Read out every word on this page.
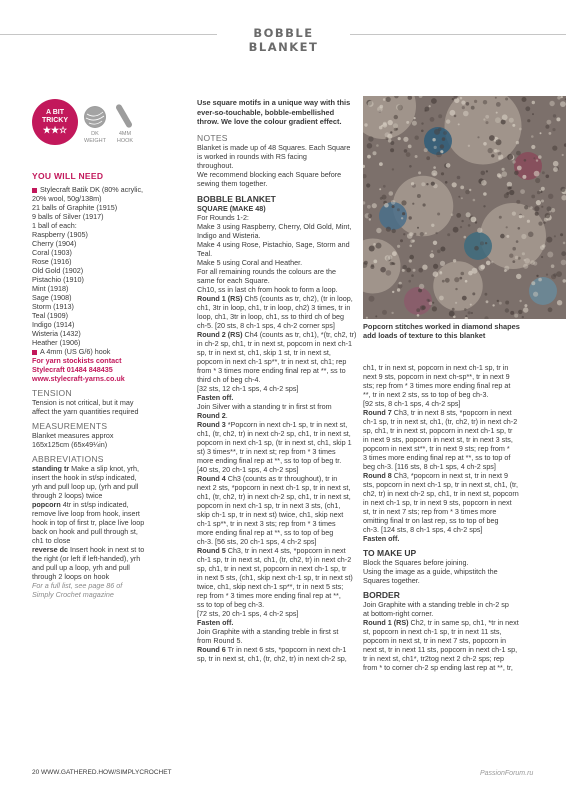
BOBBLE BLANKET
A BIT
TRICKY
★★☆	DK
WEIGHT
4MM
HOOK
YOU WILL NEED
Stylecraft Batik DK (80% acrylic,
20% wool, 50g/138m)
21 balls of Graphite (1915)
9 balls of Silver (1917)
1 ball of each:
Raspberry (1905)
Cherry (1904)
Coral (1903)
Rose (1916)
Old Gold (1902)
Pistachio (1910)
Mint (1918)
Sage (1908)
Storm (1913)
Teal (1909)
Indigo (1914)
Wisteria (1432)
Heather (1906)
A 4mm (US G/6) hook
For yarn stockists contact
Stylecraft 01484 848435
www.stylecraft-yarns.co.uk
TENSION
Tension is not critical, but it may
affect the yarn quantities required
MEASUREMENTS
Blanket measures approx
165x125cm (65x49¼in)
ABBREVIATIONS
standing tr Make a slip knot, yrh,
insert the hook in st/sp indicated,
yrh and pull loop up, (yrh and pull
through 2 loops) twice
popcorn 4tr in st/sp indicated,
remove live loop from hook, insert
hook in top of first tr, place live loop
back on hook and pull through st,
ch1 to close
reverse dc Insert hook in next st to
the right (or left if left-handed), yrh
and pull up a loop, yrh and pull
through 2 loops on hook
For a full list, see page 86 of
Simply Crochet magazine
Use square motifs in a unique way with this
ever-so-touchable, bobble-embellished
throw. We love the colour gradient effect.
NOTES
Blanket is made up of 48 Squares. Each Square
is worked in rounds with RS facing
throughout.
We recommend blocking each Square before
sewing them together.
BOBBLE BLANKET
SQUARE (MAKE 48)
For Rounds 1-2:
Make 3 using Raspberry, Cherry, Old Gold, Mint,
Indigo and Wisteria.
Make 4 using Rose, Pistachio, Sage, Storm and
Teal.
Make 5 using Coral and Heather.
For all remaining rounds the colours are the
same for each Square.
Ch10, ss in last ch from hook to form a loop.
Round 1 (RS) Ch5 (counts as tr, ch2), (tr in loop,
ch1, 3tr in loop, ch1, tr in loop, ch2) 3 times, tr in
loop, ch1, 3tr in loop, ch1, ss to third ch of beg
ch-5. [20 sts, 8 ch-1 sps, 4 ch-2 corner sps]
Round 2 (RS) Ch4 (counts as tr, ch1), *(tr, ch2, tr)
in ch-2 sp, ch1, tr in next st, popcorn in next ch-1
sp, tr in next st, ch1, skip 1 st, tr in next st,
popcorn in next ch-1 sp**, tr in next st, ch1; rep
from * 3 times more ending final rep at **, ss to
third ch of beg ch-4.
[32 sts, 12 ch-1 sps, 4 ch-2 sps]
Fasten off.
Join Silver with a standing tr in first st from
Round 2.
Round 3 *Popcorn in next ch-1 sp, tr in next st,
ch1, (tr, ch2, tr) in next ch-2 sp, ch1, tr in next st,
popcorn in next ch-1 sp, (tr in next st, ch1, skip 1
st) 3 times**, tr in next st; rep from * 3 times
more ending final rep at **, ss to top of beg tr.
[40 sts, 20 ch-1 sps, 4 ch-2 sps]
Round 4 Ch3 (counts as tr throughout), tr in
next 2 sts, *popcorn in next ch-1 sp, tr in next st,
ch1, (tr, ch2, tr) in next ch-2 sp, ch1, tr in next st,
popcorn in next ch-1 sp, tr in next 3 sts, (ch1,
skip ch-1 sp, tr in next st) twice, ch1, skip next
ch-1 sp**, tr in next 3 sts; rep from * 3 times
more ending final rep at **, ss to top of beg
ch-3. [56 sts, 20 ch-1 sps, 4 ch-2 sps]
Round 5 Ch3, tr in next 4 sts, *popcorn in next
ch-1 sp, tr in next st, ch1, (tr, ch2, tr) in next ch-2
sp, ch1, tr in next st, popcorn in next ch-1 sp, tr
in next 5 sts, (ch1, skip next ch-1 sp, tr in next st)
twice, ch1, skip next ch-1 sp**, tr in next 5 sts;
rep from * 3 times more ending final rep at **,
ss to top of beg ch-3.
[72 sts, 20 ch-1 sps, 4 ch-2 sps]
Fasten off.
Join Graphite with a standing treble in first st
from Round 5.
Round 6 Tr in next 6 sts, *popcorn in next ch-1
sp, tr in next st, ch1, (tr, ch2, tr) in next ch-2 sp,
Popcorn stitches worked in diamond shapes
add loads of texture to this blanket
ch1, tr in next st, popcorn in next ch-1 sp, tr in
next 9 sts, popcorn in next ch-sp**, tr in next 9
sts; rep from * 3 times more ending final rep at
**, tr in next 2 sts, ss to top of beg ch-3.
[92 sts, 8 ch-1 sps, 4 ch-2 sps]
Round 7 Ch3, tr in next 8 sts, *popcorn in next
ch-1 sp, tr in next st, ch1, (tr, ch2, tr) in next ch-2
sp, ch1, tr in next st, popcorn in next ch-1 sp, tr
in next 9 sts, popcorn in next st, tr in next 3 sts,
popcorn in next st**, tr in next 9 sts; rep from *
3 times more ending final rep at **, ss to top of
beg ch-3. [116 sts, 8 ch-1 sps, 4 ch-2 sps]
Round 8 Ch3, *popcorn in next st, tr in next 9
sts, popcorn in next ch-1 sp, tr in next st, ch1, (tr,
ch2, tr) in next ch-2 sp, ch1, tr in next st, popcorn
in next ch-1 sp, tr in next 9 sts, popcorn in next
st, tr in next 7 sts; rep from * 3 times more
omitting final tr on last rep, ss to top of beg
ch-3. [124 sts, 8 ch-1 sps, 4 ch-2 sps]
Fasten off.
TO MAKE UP
Block the Squares before joining.
Using the image as a guide, whipstitch the
Squares together.
BORDER
Join Graphite with a standing treble in ch-2 sp
at bottom-right corner.
Round 1 (RS) Ch2, tr in same sp, ch1, *tr in next
st, popcorn in next ch-1 sp, tr in next 11 sts,
popcorn in next st, tr in next 7 sts, popcorn in
next st, tr in next 11 sts, popcorn in next ch-1 sp,
tr in next st, ch1*, tr2tog next 2 ch-2 sps; rep
from * to corner ch-2 sp ending last rep at **, tr,
20 WWW.GATHERED.HOW/SIMPLYCROCHET	PassionForum.ru
